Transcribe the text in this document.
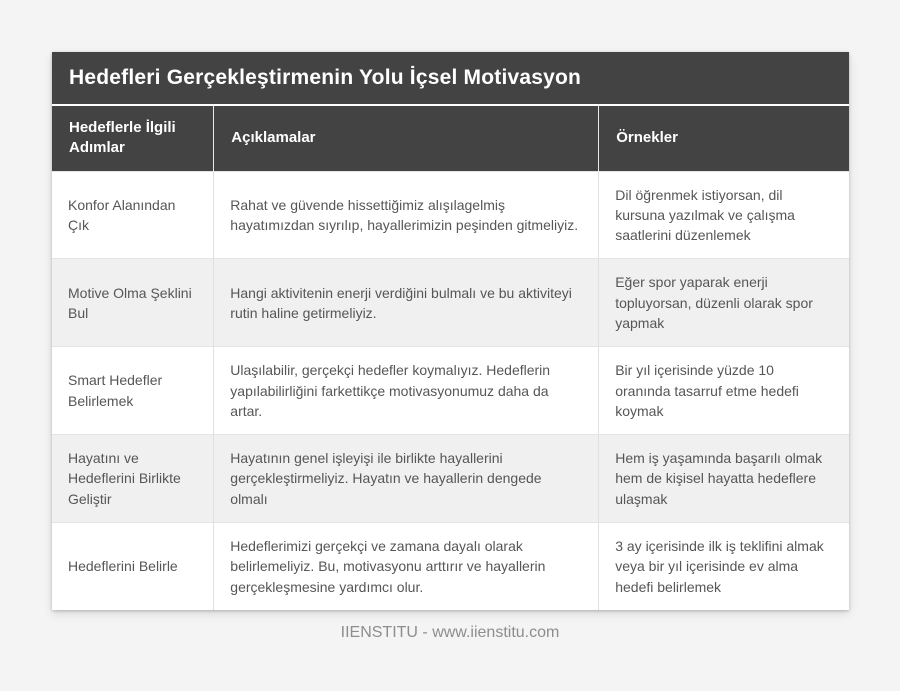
Hedefleri Gerçekleştirmenin Yolu İçsel Motivasyon
Hedeflerle İlgili Adımlar	Açıklamalar	Örnekler
Konfor Alanından Çık	Rahat ve güvende hissettiğimiz alışılagelmiş hayatımızdan sıyrılıp, hayallerimizin peşinden gitmeliyiz.	Dil öğrenmek istiyorsan, dil kursuna yazılmak ve çalışma saatlerini düzenlemek
Motive Olma Şeklini Bul	Hangi aktivitenin enerji verdiğini bulmalı ve bu aktiviteyi rutin haline getirmeliyiz.	Eğer spor yaparak enerji topluyorsan, düzenli olarak spor yapmak
Smart Hedefler Belirlemek	Ulaşılabilir, gerçekçi hedefler koymalıyız. Hedeflerin yapılabilirliğini farkettikçe motivasyonumuz daha da artar.	Bir yıl içerisinde yüzde 10 oranında tasarruf etme hedefi koymak
Hayatını ve Hedeflerini Birlikte Geliştir	Hayatının genel işleyişi ile birlikte hayallerini gerçekleştirmeliyiz. Hayatın ve hayallerin dengede olmalı	Hem iş yaşamında başarılı olmak hem de kişisel hayatta hedeflere ulaşmak
Hedeflerini Belirle	Hedeflerimizi gerçekçi ve zamana dayalı olarak belirlemeliyiz. Bu, motivasyonu arttırır ve hayallerin gerçekleşmesine yardımcı olur.	3 ay içerisinde ilk iş teklifini almak veya bir yıl içerisinde ev alma hedefi belirlemek
IIENSTITU - www.iienstitu.com
